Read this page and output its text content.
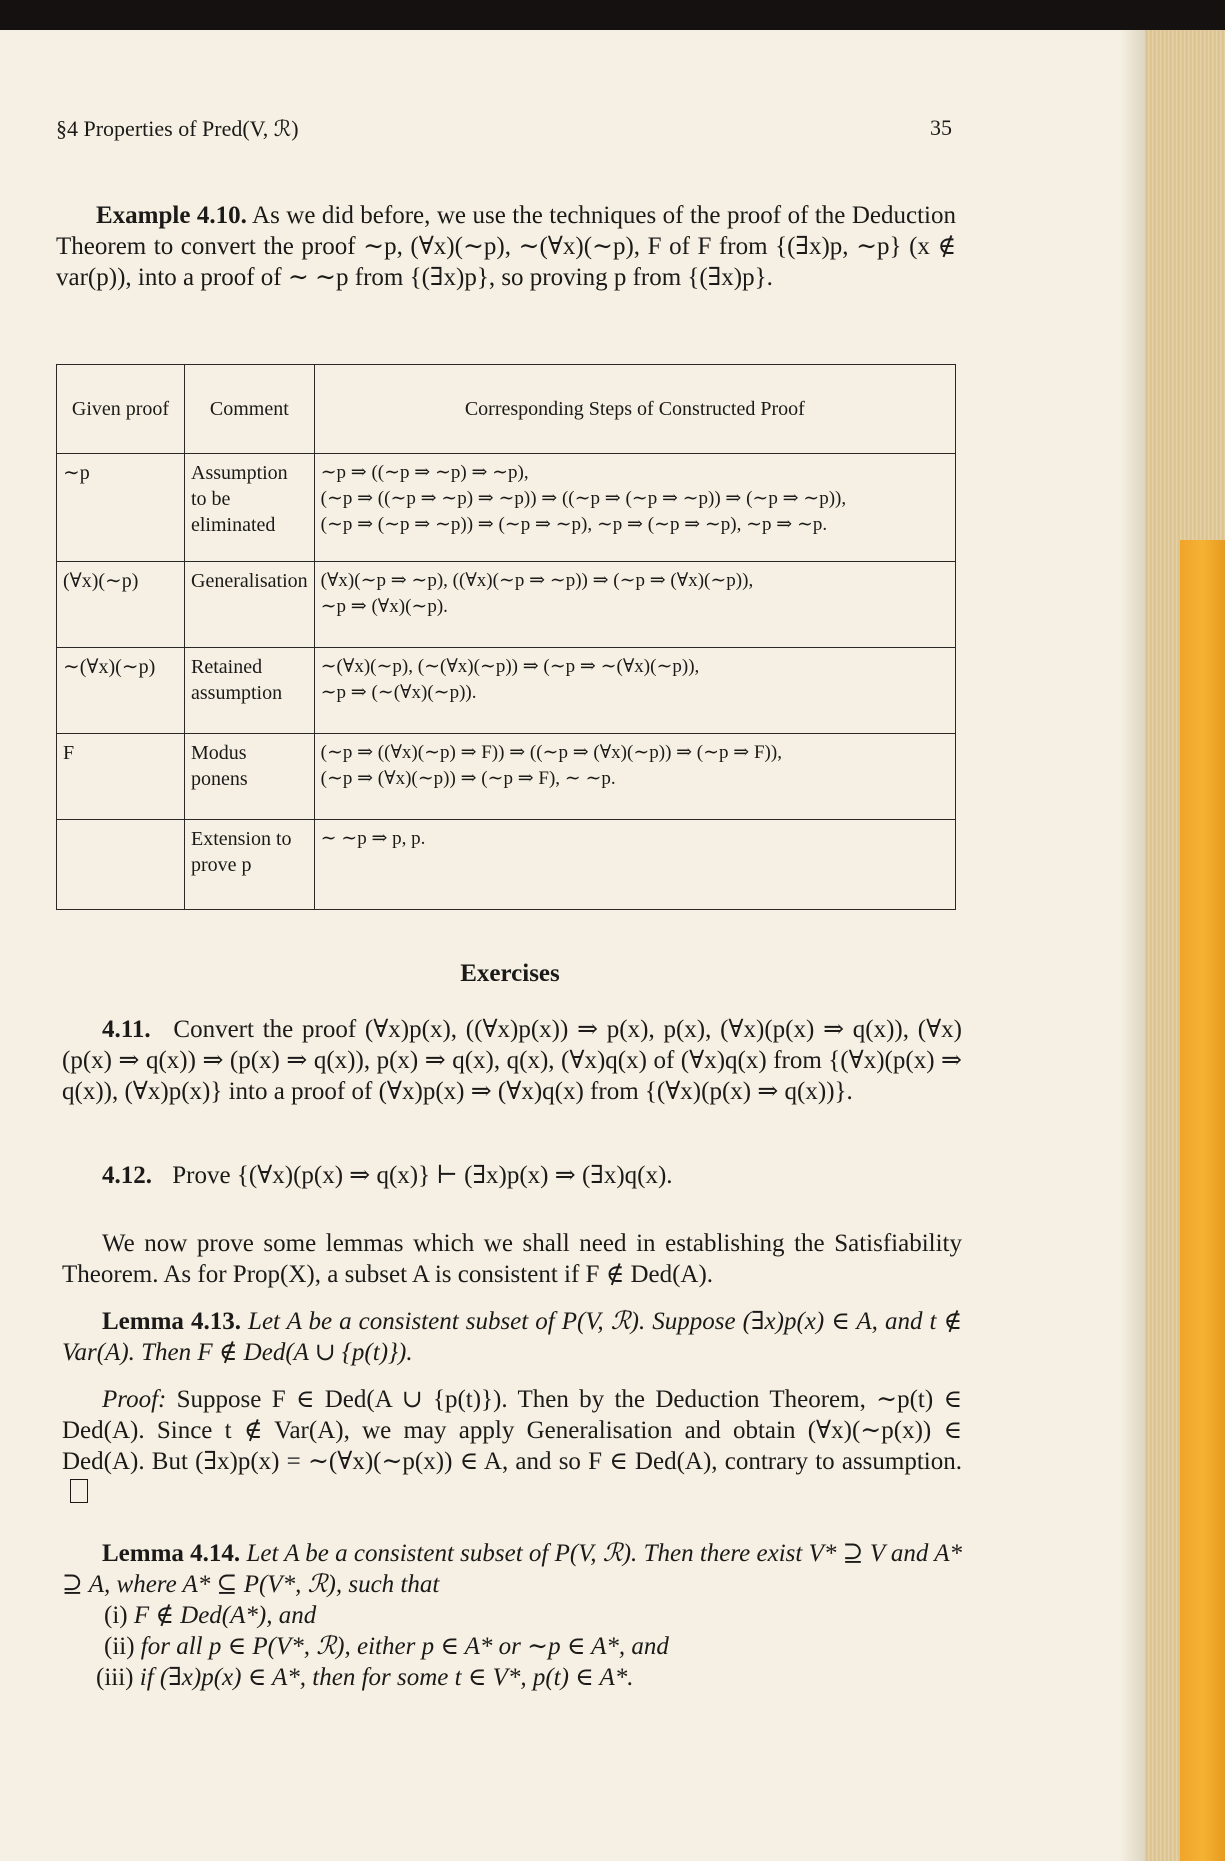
§4 Properties of Pred(V, ℛ)	35

Example 4.10. As we did before, we use the techniques of the proof of the Deduction Theorem to convert the proof ∼p, (∀x)(∼p), ∼(∀x)(∼p), F of F from {(∃x)p, ∼p} (x ∉ var(p)), into a proof of ∼ ∼p from {(∃x)p}, so proving p from {(∃x)p}.

Given proof	Comment	Corresponding Steps of Constructed Proof
∼p	Assumption to be eliminated	∼p ⇒ ((∼p ⇒ ∼p) ⇒ ∼p),
(∼p ⇒ ((∼p ⇒ ∼p) ⇒ ∼p)) ⇒ ((∼p ⇒ (∼p ⇒ ∼p)) ⇒ (∼p ⇒ ∼p)),
(∼p ⇒ (∼p ⇒ ∼p)) ⇒ (∼p ⇒ ∼p), ∼p ⇒ (∼p ⇒ ∼p), ∼p ⇒ ∼p.

(∀x)(∼p)	Generalisation	(∀x)(∼p ⇒ ∼p), ((∀x)(∼p ⇒ ∼p)) ⇒ (∼p ⇒ (∀x)(∼p)),
∼p ⇒ (∀x)(∼p).

∼(∀x)(∼p)	Retained assumption	∼(∀x)(∼p), (∼(∀x)(∼p)) ⇒ (∼p ⇒ ∼(∀x)(∼p)),
∼p ⇒ (∼(∀x)(∼p)).

F	Modus ponens	(∼p ⇒ ((∀x)(∼p) ⇒ F)) ⇒ ((∼p ⇒ (∀x)(∼p)) ⇒ (∼p ⇒ F)),
(∼p ⇒ (∀x)(∼p)) ⇒ (∼p ⇒ F), ∼ ∼p.

	Extension to prove p	∼ ∼p ⇒ p, p.
Exercises

4.11. Convert the proof (∀x)p(x), ((∀x)p(x)) ⇒ p(x), p(x), (∀x)(p(x) ⇒ q(x)), (∀x)(p(x) ⇒ q(x)) ⇒ (p(x) ⇒ q(x)), p(x) ⇒ q(x), q(x), (∀x)q(x) of (∀x)q(x) from {(∀x)(p(x) ⇒ q(x)), (∀x)p(x)} into a proof of (∀x)p(x) ⇒ (∀x)q(x) from {(∀x)(p(x) ⇒ q(x))}.

4.12. Prove {(∀x)(p(x) ⇒ q(x)} ⊢ (∃x)p(x) ⇒ (∃x)q(x).

We now prove some lemmas which we shall need in establishing the Satisfiability Theorem. As for Prop(X), a subset A is consistent if F ∉ Ded(A).

Lemma 4.13. Let A be a consistent subset of P(V, ℛ). Suppose (∃x)p(x) ∈ A, and t ∉ Var(A). Then F ∉ Ded(A ∪ {p(t)}).

Proof: Suppose F ∈ Ded(A ∪ {p(t)}). Then by the Deduction Theorem, ∼p(t) ∈ Ded(A). Since t ∉ Var(A), we may apply Generalisation and obtain (∀x)(∼p(x)) ∈ Ded(A). But (∃x)p(x) = ∼(∀x)(∼p(x)) ∈ A, and so F ∈ Ded(A), contrary to assumption.

Lemma 4.14. Let A be a consistent subset of P(V, ℛ). Then there exist V* ⊇ V and A* ⊇ A, where A* ⊆ P(V*, ℛ), such that

(i) F ∉ Ded(A*), and
(ii) for all p ∈ P(V*, ℛ), either p ∈ A* or ∼p ∈ A*, and
(iii) if (∃x)p(x) ∈ A*, then for some t ∈ V*, p(t) ∈ A*.
